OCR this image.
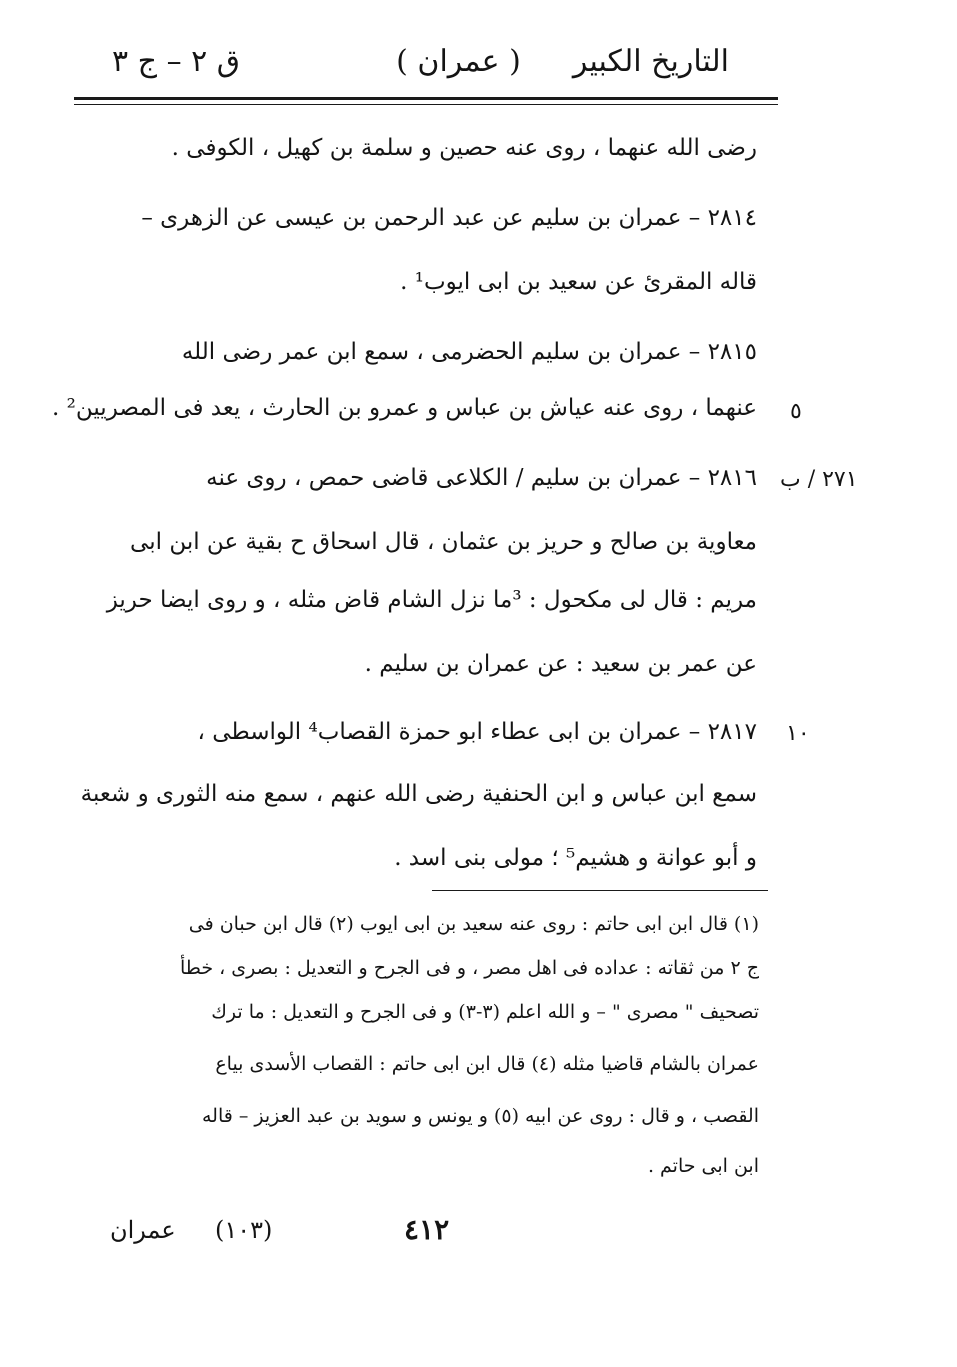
التاريخ الكبير
( عمران )
ق ٢ – ج ٣
رضى الله عنهما ، روى عنه حصين و سلمة بن كهيل ، الكوفى .
٢٨١٤ – عمران بن سليم عن عبد الرحمن بن عيسى عن الزهرى –
قاله المقرئ عن سعيد بن ابى ايوب¹ .
٢٨١٥ – عمران بن سليم الحضرمى ، سمع ابن عمر رضى الله
عنهما ، روى عنه عياش بن عباس و عمرو بن الحارث ، يعد فى المصريين² .
٢٨١٦ – عمران بن سليم / الكلاعى قاضى حمص ، روى عنه
معاوية بن صالح و حريز بن عثمان ، قال اسحاق ح بقية عن ابن ابى
مريم : قال لى مكحول : ³ما نزل الشام قاض مثله ، و روى ايضا حريز
عن عمر بن سعيد : عن عمران بن سليم .
٢٨١٧ – عمران بن ابى عطاء ابو حمزة القصاب⁴ الواسطى ،
سمع ابن عباس و ابن الحنفية رضى الله عنهم ، سمع منه الثورى و شعبة
و أبو عوانة و هشيم⁵ ؛ مولى بنى اسد .
٥
٢٧١ / ب
١٠
(١) قال ابن ابى حاتم : روى عنه سعيد بن ابى ايوب (٢) قال ابن حبان فى
ج ٢ من ثقاته : عداده فى اهل مصر ، و فى الجرح و التعديل : بصرى ، خطأ
تصحيف " مصرى " – و الله اعلم (٣-٣) و فى الجرح و التعديل : ما ترك
عمران بالشام قاضيا مثله (٤) قال ابن ابى حاتم : القصاب الأسدى بياع
القصب ، و قال : روى عن ابيه (٥) و يونس و سويد بن عبد العزيز – قاله
ابن ابى حاتم .
٤١٢
(١٠٣)
عمران
